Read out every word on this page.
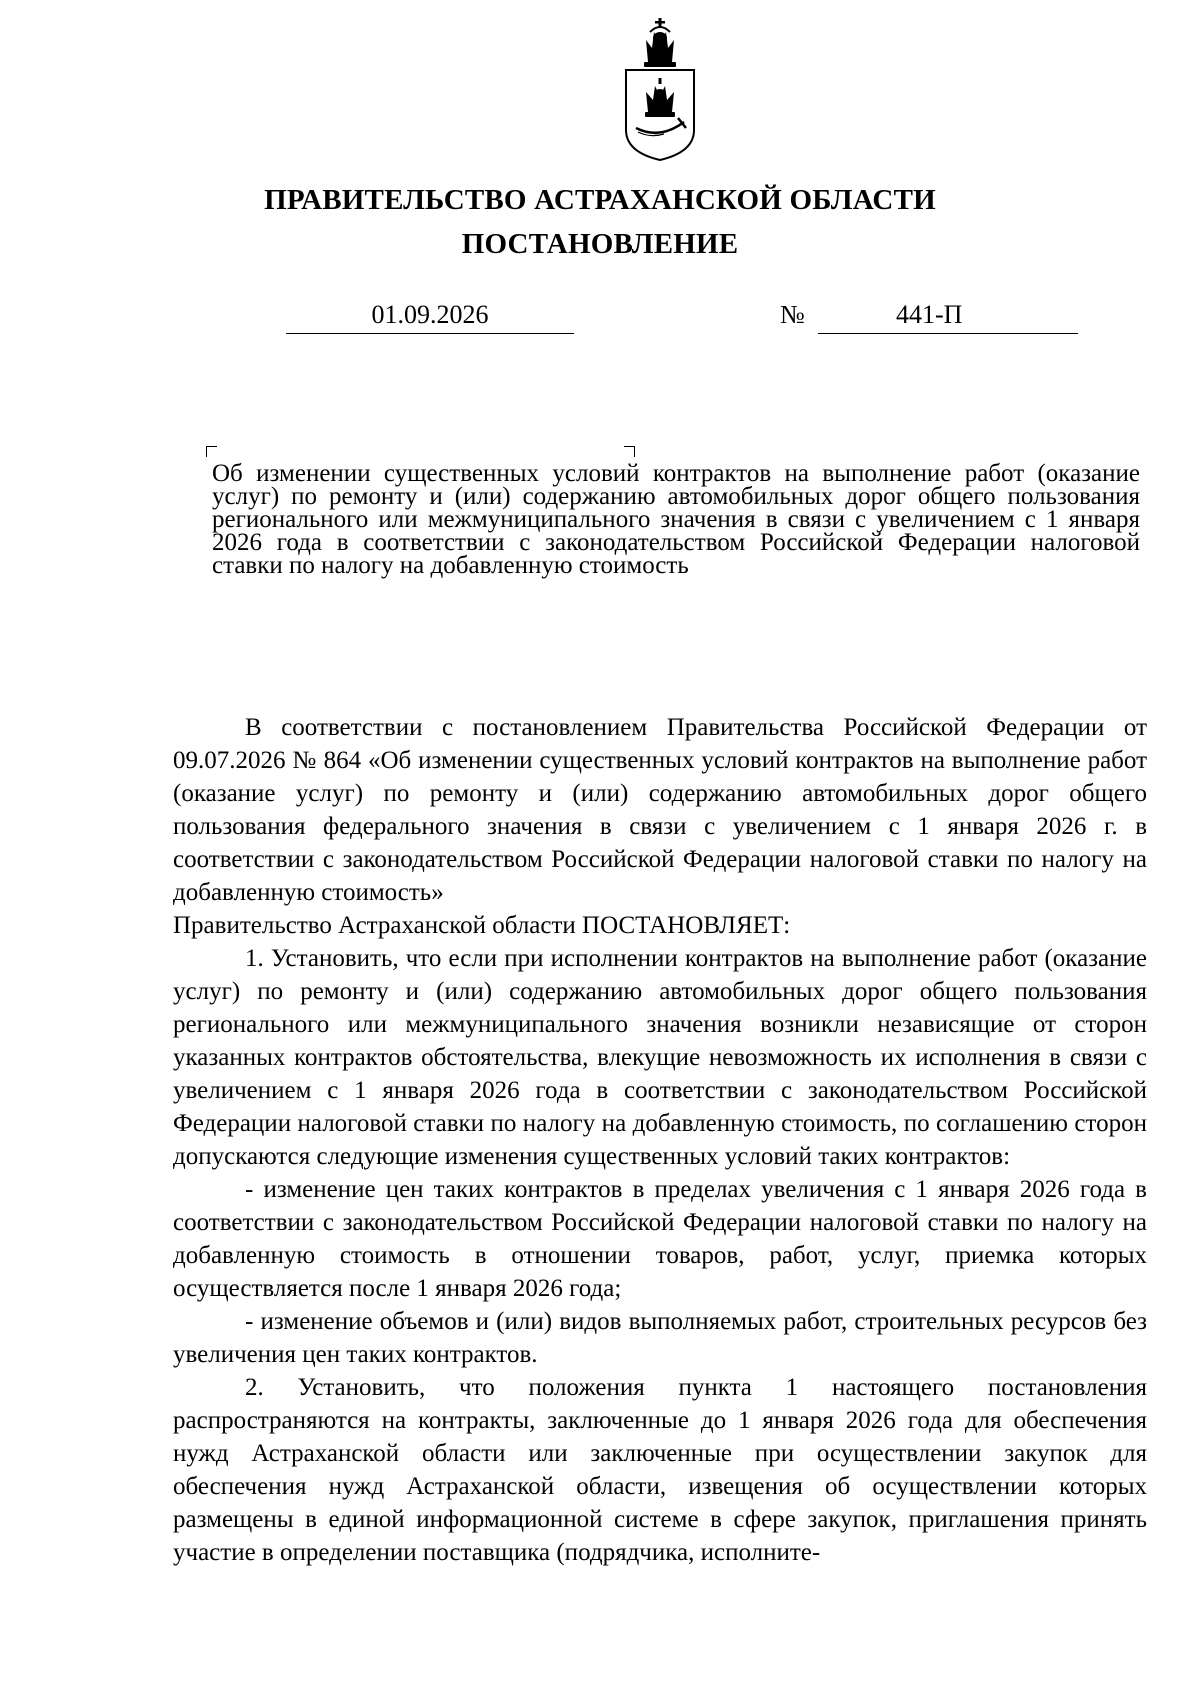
ПРАВИТЕЛЬСТВО АСТРАХАНСКОЙ ОБЛАСТИ
ПОСТАНОВЛЕНИЕ
01.09.2026	№	441-П
Об изменении существенных условий контрактов на выполнение работ (оказание услуг) по ремонту и (или) содержанию автомобильных дорог общего пользования регионального или межмуниципального значения в связи с увеличением с 1 января 2026 года в соответствии с законодательством Российской Федерации налоговой ставки по налогу на добавленную стоимость

В соответствии с постановлением Правительства Российской Федерации от 09.07.2026 № 864 «Об изменении существенных условий контрактов на выполнение работ (оказание услуг) по ремонту и (или) содержанию автомобильных дорог общего пользования федерального значения в связи с увеличением с 1 января 2026 г. в соответствии с законодательством Российской Федерации налоговой ставки по налогу на добавленную стоимость»

Правительство Астраханской области ПОСТАНОВЛЯЕТ:

1. Установить, что если при исполнении контрактов на выполнение работ (оказание услуг) по ремонту и (или) содержанию автомобильных дорог общего пользования регионального или межмуниципального значения возникли независящие от сторон указанных контрактов обстоятельства, влекущие невозможность их исполнения в связи с увеличением с 1 января 2026 года в соответствии с законодательством Российской Федерации налоговой ставки по налогу на добавленную стоимость, по соглашению сторон допускаются следующие изменения существенных условий таких контрактов:

- изменение цен таких контрактов в пределах увеличения с 1 января 2026 года в соответствии с законодательством Российской Федерации налоговой ставки по налогу на добавленную стоимость в отношении товаров, работ, услуг, приемка которых осуществляется после 1 января 2026 года;

- изменение объемов и (или) видов выполняемых работ, строительных ресурсов без увеличения цен таких контрактов.

2. Установить, что положения пункта 1 настоящего постановления распространяются на контракты, заключенные до 1 января 2026 года для обеспечения нужд Астраханской области или заключенные при осуществлении закупок для обеспечения нужд Астраханской области, извещения об осуществлении которых размещены в единой информационной системе в сфере закупок, приглашения принять участие в определении поставщика (подрядчика, исполните-
